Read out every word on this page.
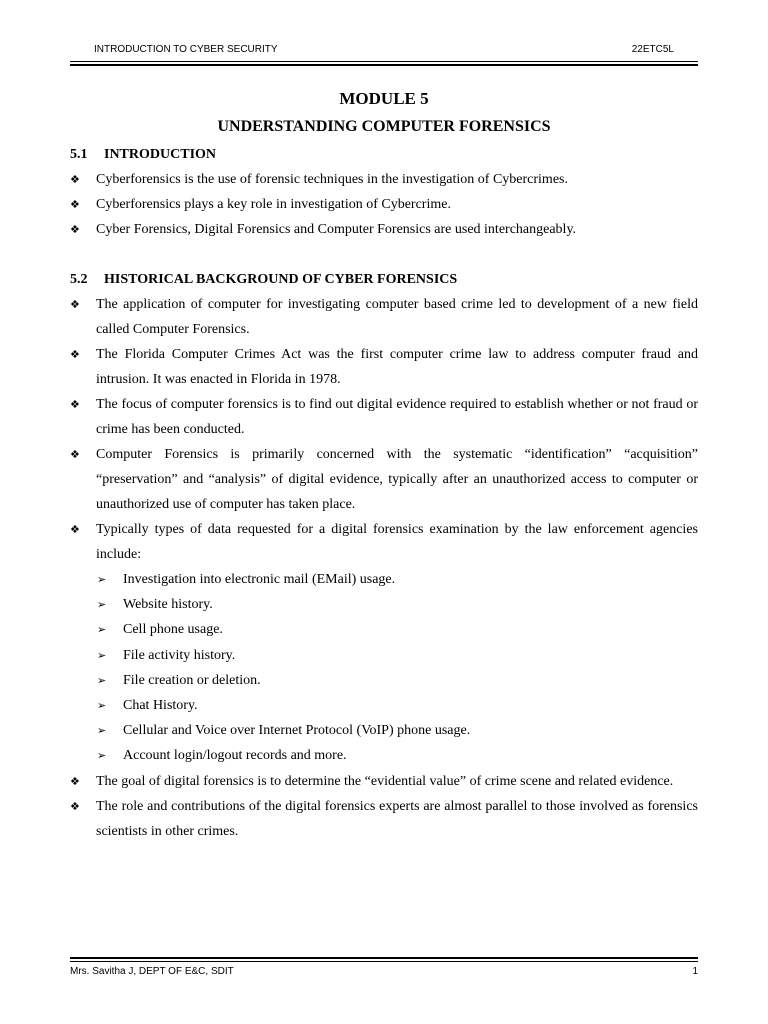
INTRODUCTION TO CYBER SECURITY	22ETC5L
MODULE 5
UNDERSTANDING COMPUTER FORENSICS
5.1 INTRODUCTION
❖	Cyberforensics is the use of forensic techniques in the investigation of Cybercrimes.
❖	Cyberforensics plays a key role in investigation of Cybercrime.
❖	Cyber Forensics, Digital Forensics and Computer Forensics are used interchangeably.
5.2 HISTORICAL BACKGROUND OF CYBER FORENSICS
❖	The application of computer for investigating computer based crime led to development of a new field called Computer Forensics.
❖	The Florida Computer Crimes Act was the first computer crime law to address computer fraud and intrusion. It was enacted in Florida in 1978.
❖	The focus of computer forensics is to find out digital evidence required to establish whether or not fraud or crime has been conducted.
❖	Computer Forensics is primarily concerned with the systematic “identification” “acquisition” “preservation” and “analysis” of digital evidence, typically after an unauthorized access to computer or unauthorized use of computer has taken place.
❖	Typically types of data requested for a digital forensics examination by the law enforcement agencies include:
➢ Investigation into electronic mail (EMail) usage.
➢ Website history.
➢ Cell phone usage.
➢ File activity history.
➢ File creation or deletion.
➢ Chat History.
➢ Cellular and Voice over Internet Protocol (VoIP) phone usage.
➢ Account login/logout records and more.
❖	The goal of digital forensics is to determine the “evidential value” of crime scene and related evidence.
❖	The role and contributions of the digital forensics experts are almost parallel to those involved as forensics scientists in other crimes.
Mrs. Savitha J, DEPT OF E&C, SDIT	1
